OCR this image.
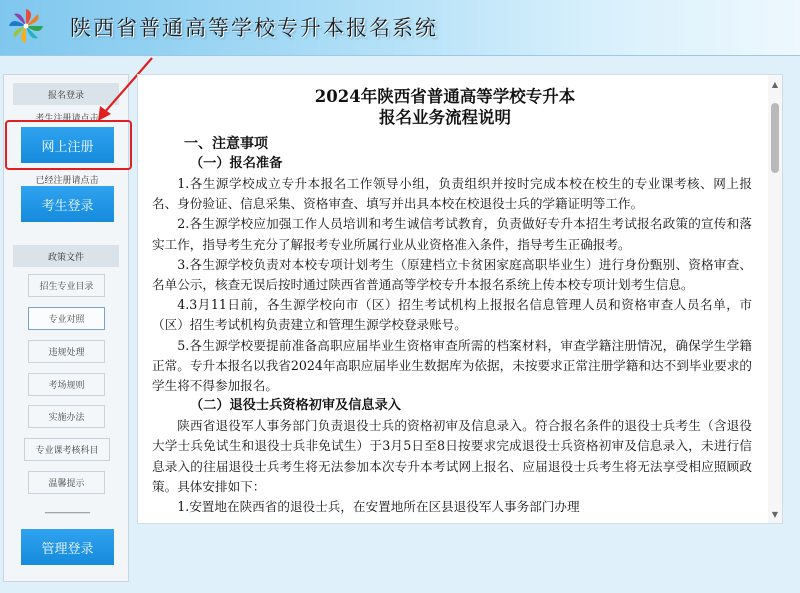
陕西省普通高等学校专升本报名系统
报名登录
考生注册请点击
网上注册
已经注册请点击
考生登录
政策文件
招生专业目录
专业对照
违规处理
考场规则
实施办法
专业课考核科目
温馨提示
--------------------
管理登录
2024年陕西省普通高等学校专升本
报名业务流程说明
一、注意事项
（一）报名准备
1.各生源学校成立专升本报名工作领导小组，负责组织并按时完成本校在校生的专业课考核、网上报名、身份验证、信息采集、资格审查、填写并出具本校在校退役士兵的学籍证明等工作。
2.各生源学校应加强工作人员培训和考生诚信考试教育，负责做好专升本招生考试报名政策的宣传和落实工作，指导考生充分了解报考专业所属行业从业资格准入条件，指导考生正确报考。
3.各生源学校负责对本校专项计划考生（原建档立卡贫困家庭高职毕业生）进行身份甄别、资格审查、名单公示，核查无误后按时通过陕西省普通高等学校专升本报名系统上传本校专项计划考生信息。
4.3月11日前，各生源学校向市（区）招生考试机构上报报名信息管理人员和资格审查人员名单，市（区）招生考试机构负责建立和管理生源学校登录账号。
5.各生源学校要提前准备高职应届毕业生资格审查所需的档案材料，审查学籍注册情况，确保学生学籍正常。专升本报名以我省2024年高职应届毕业生数据库为依据，未按要求正常注册学籍和达不到毕业要求的学生将不得参加报名。
（二）退役士兵资格初审及信息录入
陕西省退役军人事务部门负责退役士兵的资格初审及信息录入。符合报名条件的退役士兵考生（含退役大学士兵免试生和退役士兵非免试生）于3月5日至8日按要求完成退役士兵资格初审及信息录入，未进行信息录入的往届退役士兵考生将无法参加本次专升本考试网上报名、应届退役士兵考生将无法享受相应照顾政策。具体安排如下：
1.安置地在陕西省的退役士兵，在安置地所在区县退役军人事务部门办理
▲
▼
